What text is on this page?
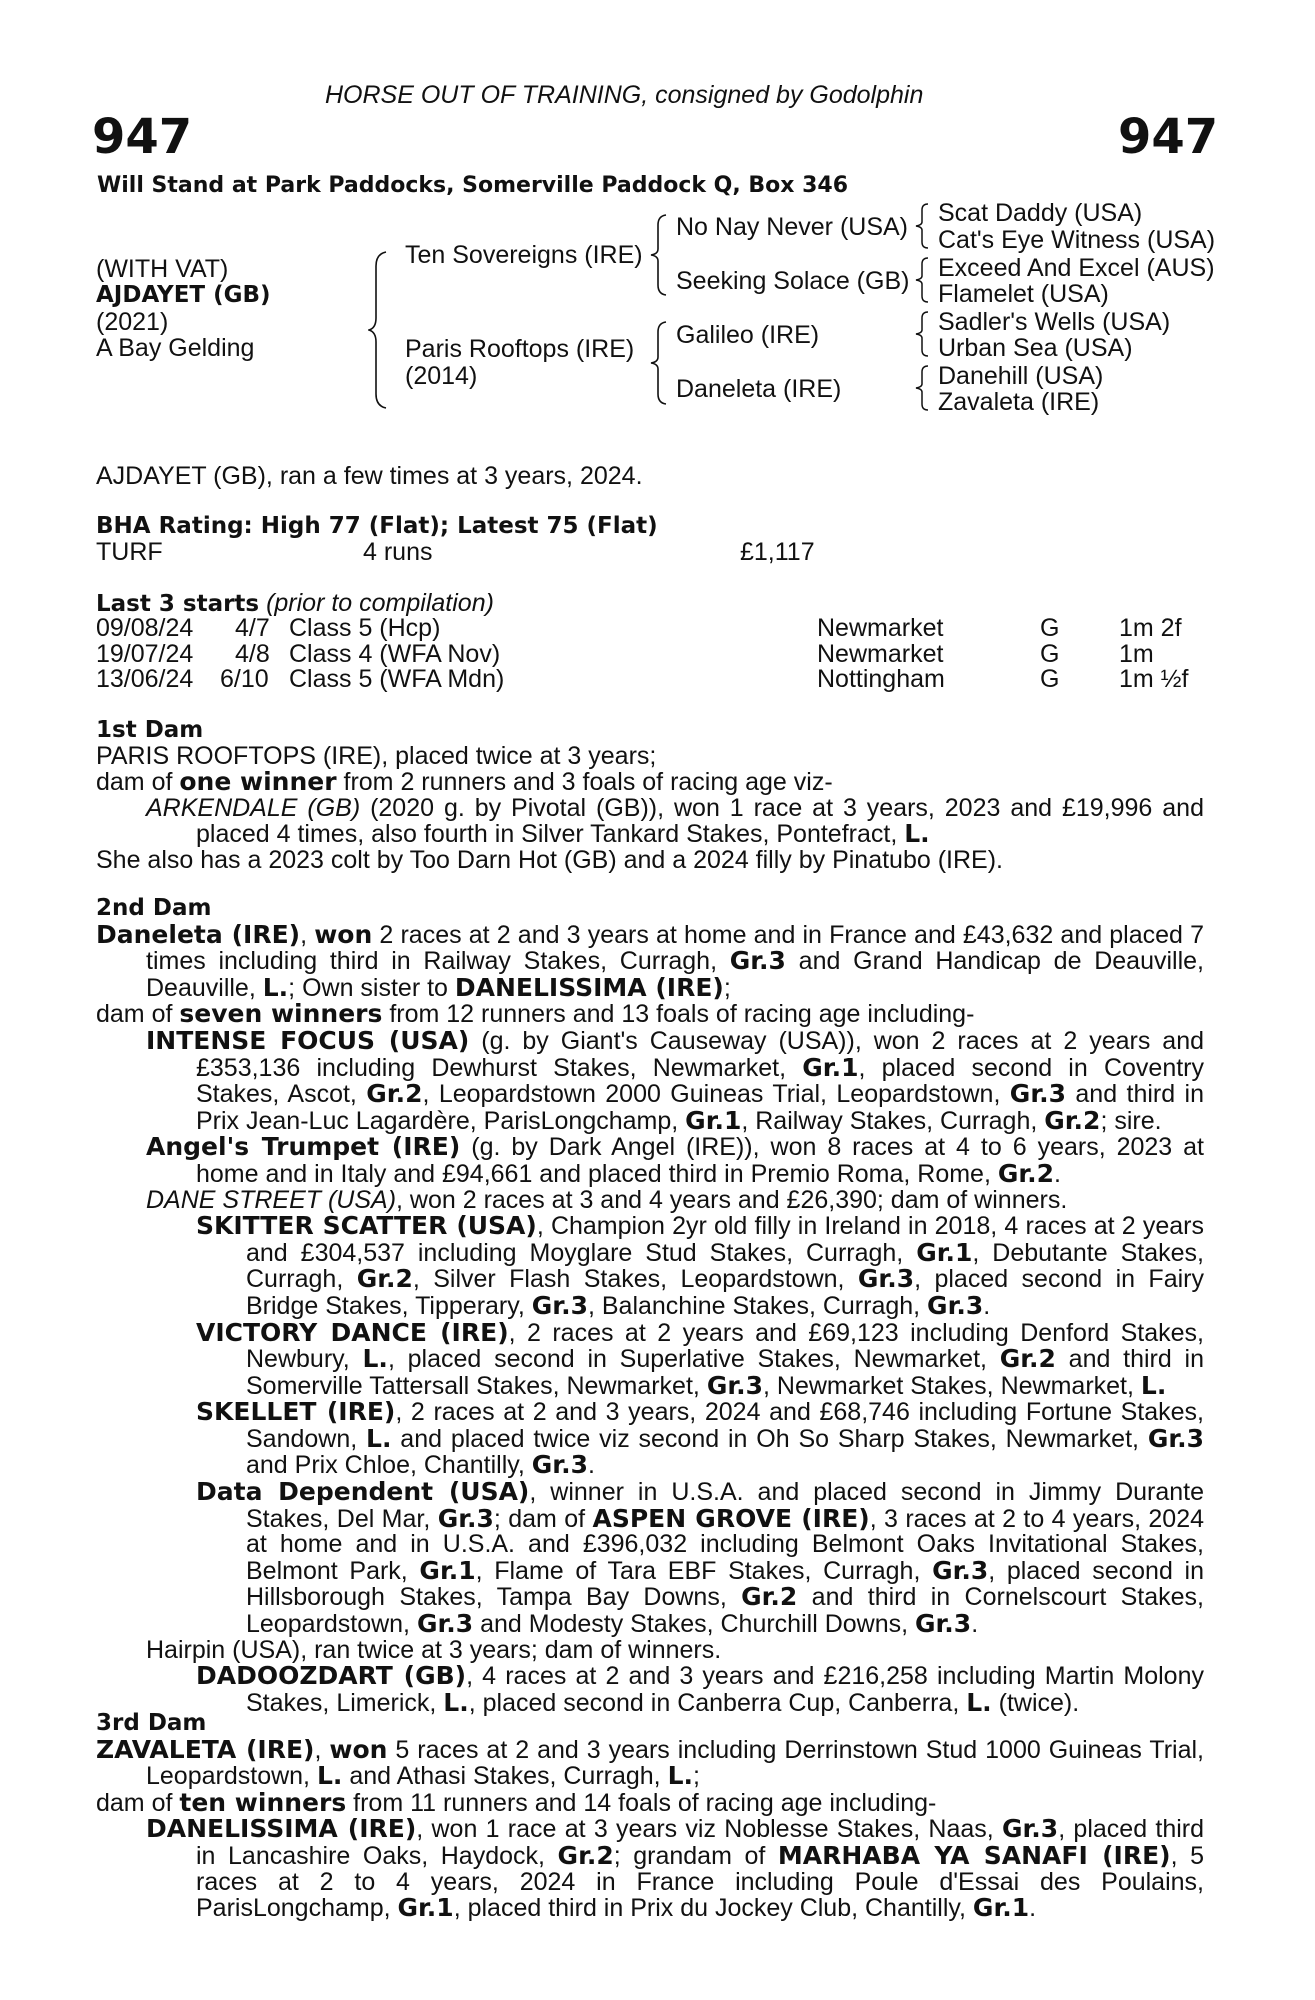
HORSE OUT OF TRAINING, consigned by Godolphin
947	947
Will Stand at Park Paddocks, Somerville Paddock Q, Box 346
(WITH VAT)
AJDAYET (GB)
(2021)
A Bay Gelding
Ten Sovereigns (IRE)
Paris Rooftops (IRE)
(2014)
No Nay Never (USA)
Seeking Solace (GB)
Galileo (IRE)
Daneleta (IRE)
Scat Daddy (USA)
Cat's Eye Witness (USA)
Exceed And Excel (AUS)
Flamelet (USA)
Sadler's Wells (USA)
Urban Sea (USA)
Danehill (USA)
Zavaleta (IRE)
AJDAYET (GB), ran a few times at 3 years, 2024.
BHA Rating: High 77 (Flat); Latest 75 (Flat)
TURF	4 runs	£1,117
Last 3 starts (prior to compilation)
09/08/24 4/7 Class 5 (Hcp)	Newmarket	G 1m 2f
19/07/24 4/8 Class 4 (WFA Nov)	Newmarket	G 1m
13/06/24 6/10 Class 5 (WFA Mdn)	Nottingham	G 1m ½f

1st Dam

PARIS ROOFTOPS (IRE), placed twice at 3 years;

dam of one winner from 2 runners and 3 foals of racing age viz-

ARKENDALE (GB) (2020 g. by Pivotal (GB)), won 1 race at 3 years, 2023 and £19,996 and placed 4 times, also fourth in Silver Tankard Stakes, Pontefract, L.

She also has a 2023 colt by Too Darn Hot (GB) and a 2024 filly by Pinatubo (IRE).

2nd Dam

Daneleta (IRE), won 2 races at 2 and 3 years at home and in France and £43,632 and placed 7 times including third in Railway Stakes, Curragh, Gr.3 and Grand Handicap de Deauville, Deauville, L.; Own sister to DANELISSIMA (IRE);

dam of seven winners from 12 runners and 13 foals of racing age including-

INTENSE FOCUS (USA) (g. by Giant's Causeway (USA)), won 2 races at 2 years and £353,136 including Dewhurst Stakes, Newmarket, Gr.1, placed second in Coventry Stakes, Ascot, Gr.2, Leopardstown 2000 Guineas Trial, Leopardstown, Gr.3 and third in Prix Jean-Luc Lagardère, ParisLongchamp, Gr.1, Railway Stakes, Curragh, Gr.2; sire.

Angel's Trumpet (IRE) (g. by Dark Angel (IRE)), won 8 races at 4 to 6 years, 2023 at home and in Italy and £94,661 and placed third in Premio Roma, Rome, Gr.2.

DANE STREET (USA), won 2 races at 3 and 4 years and £26,390; dam of winners.

SKITTER SCATTER (USA), Champion 2yr old filly in Ireland in 2018, 4 races at 2 years and £304,537 including Moyglare Stud Stakes, Curragh, Gr.1, Debutante Stakes, Curragh, Gr.2, Silver Flash Stakes, Leopardstown, Gr.3, placed second in Fairy Bridge Stakes, Tipperary, Gr.3, Balanchine Stakes, Curragh, Gr.3.

VICTORY DANCE (IRE), 2 races at 2 years and £69,123 including Denford Stakes, Newbury, L., placed second in Superlative Stakes, Newmarket, Gr.2 and third in Somerville Tattersall Stakes, Newmarket, Gr.3, Newmarket Stakes, Newmarket, L.

SKELLET (IRE), 2 races at 2 and 3 years, 2024 and £68,746 including Fortune Stakes, Sandown, L. and placed twice viz second in Oh So Sharp Stakes, Newmarket, Gr.3 and Prix Chloe, Chantilly, Gr.3.

Data Dependent (USA), winner in U.S.A. and placed second in Jimmy Durante Stakes, Del Mar, Gr.3; dam of ASPEN GROVE (IRE), 3 races at 2 to 4 years, 2024 at home and in U.S.A. and £396,032 including Belmont Oaks Invitational Stakes, Belmont Park, Gr.1, Flame of Tara EBF Stakes, Curragh, Gr.3, placed second in Hillsborough Stakes, Tampa Bay Downs, Gr.2 and third in Cornelscourt Stakes, Leopardstown, Gr.3 and Modesty Stakes, Churchill Downs, Gr.3.

Hairpin (USA), ran twice at 3 years; dam of winners.

DADOOZDART (GB), 4 races at 2 and 3 years and £216,258 including Martin Molony Stakes, Limerick, L., placed second in Canberra Cup, Canberra, L. (twice).

3rd Dam

ZAVALETA (IRE), won 5 races at 2 and 3 years including Derrinstown Stud 1000 Guineas Trial, Leopardstown, L. and Athasi Stakes, Curragh, L.;

dam of ten winners from 11 runners and 14 foals of racing age including-

DANELISSIMA (IRE), won 1 race at 3 years viz Noblesse Stakes, Naas, Gr.3, placed third in Lancashire Oaks, Haydock, Gr.2; grandam of MARHABA YA SANAFI (IRE), 5 races at 2 to 4 years, 2024 in France including Poule d'Essai des Poulains, ParisLongchamp, Gr.1, placed third in Prix du Jockey Club, Chantilly, Gr.1.
